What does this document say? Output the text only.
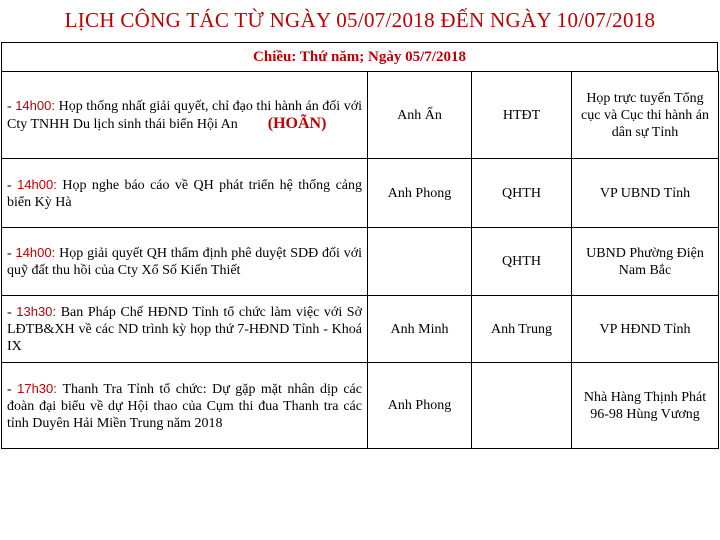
LỊCH CÔNG TÁC TỪ NGÀY 05/07/2018 ĐẾN NGÀY 10/07/2018
Chiều: Thứ năm; Ngày 05/7/2018
- 14h00: Họp thống nhất giải quyết, chỉ đạo thi hành án đối với Cty TNHH Du lịch sinh thái biển Hội An (HOÃN)	Anh Ẩn	HTĐT	Họp trực tuyến Tổng cục và Cục thi hành án dân sự Tỉnh
- 14h00: Họp nghe báo cáo về QH phát triển hệ thống cảng biển Kỳ Hà	Anh Phong	QHTH	VP UBND Tỉnh
- 14h00: Họp giải quyết QH thẩm định phê duyệt SDĐ đối với quỹ đất thu hồi của Cty Xổ Số Kiến Thiết		QHTH	UBND Phường Điện Nam Bắc
- 13h30: Ban Pháp Chế HĐND Tỉnh tổ chức làm việc với Sở LĐTB&XH về các ND trình kỳ họp thứ 7-HĐND Tỉnh - Khoá IX	Anh Minh	Anh Trung	VP HĐND Tỉnh
- 17h30: Thanh Tra Tỉnh tổ chức: Dự gặp mặt nhân dịp các đoàn đại biểu về dự Hội thao của Cụm thi đua Thanh tra các tỉnh Duyên Hải Miền Trung năm 2018	Anh Phong		Nhà Hàng Thịnh Phát 96-98 Hùng Vương
